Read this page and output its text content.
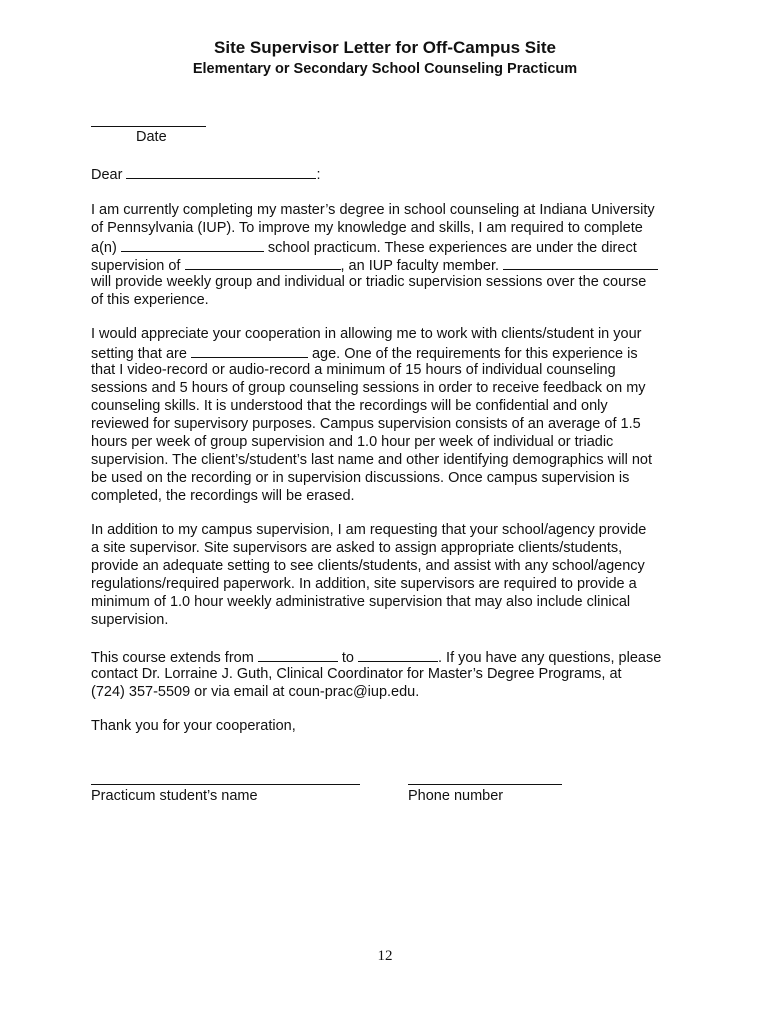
Site Supervisor Letter for Off-Campus Site
Elementary or Secondary School Counseling Practicum
Date
Dear	:
I am currently completing my master’s degree in school counseling at Indiana University
of Pennsylvania (IUP). To improve my knowledge and skills, I am required to complete
a(n)	school practicum. These experiences are under the direct
supervision of	, an IUP faculty member.
will provide weekly group and individual or triadic supervision sessions over the course
of this experience.
I would appreciate your cooperation in allowing me to work with clients/student in your
setting that are	age. One of the requirements for this experience is
that I video-record or audio-record a minimum of 15 hours of individual counseling
sessions and 5 hours of group counseling sessions in order to receive feedback on my
counseling skills. It is understood that the recordings will be confidential and only
reviewed for supervisory purposes. Campus supervision consists of an average of 1.5
hours per week of group supervision and 1.0 hour per week of individual or triadic
supervision. The client’s/student’s last name and other identifying demographics will not
be used on the recording or in supervision discussions. Once campus supervision is
completed, the recordings will be erased.
In addition to my campus supervision, I am requesting that your school/agency provide
a site supervisor. Site supervisors are asked to assign appropriate clients/students,
provide an adequate setting to see clients/students, and assist with any school/agency
regulations/required paperwork. In addition, site supervisors are required to provide a
minimum of 1.0 hour weekly administrative supervision that may also include clinical
supervision.
This course extends from	to	. If you have any questions, please
contact Dr. Lorraine J. Guth, Clinical Coordinator for Master’s Degree Programs, at
(724) 357-5509 or via email at coun-prac@iup.edu.
Thank you for your cooperation,
Practicum student’s name	Phone number
12
